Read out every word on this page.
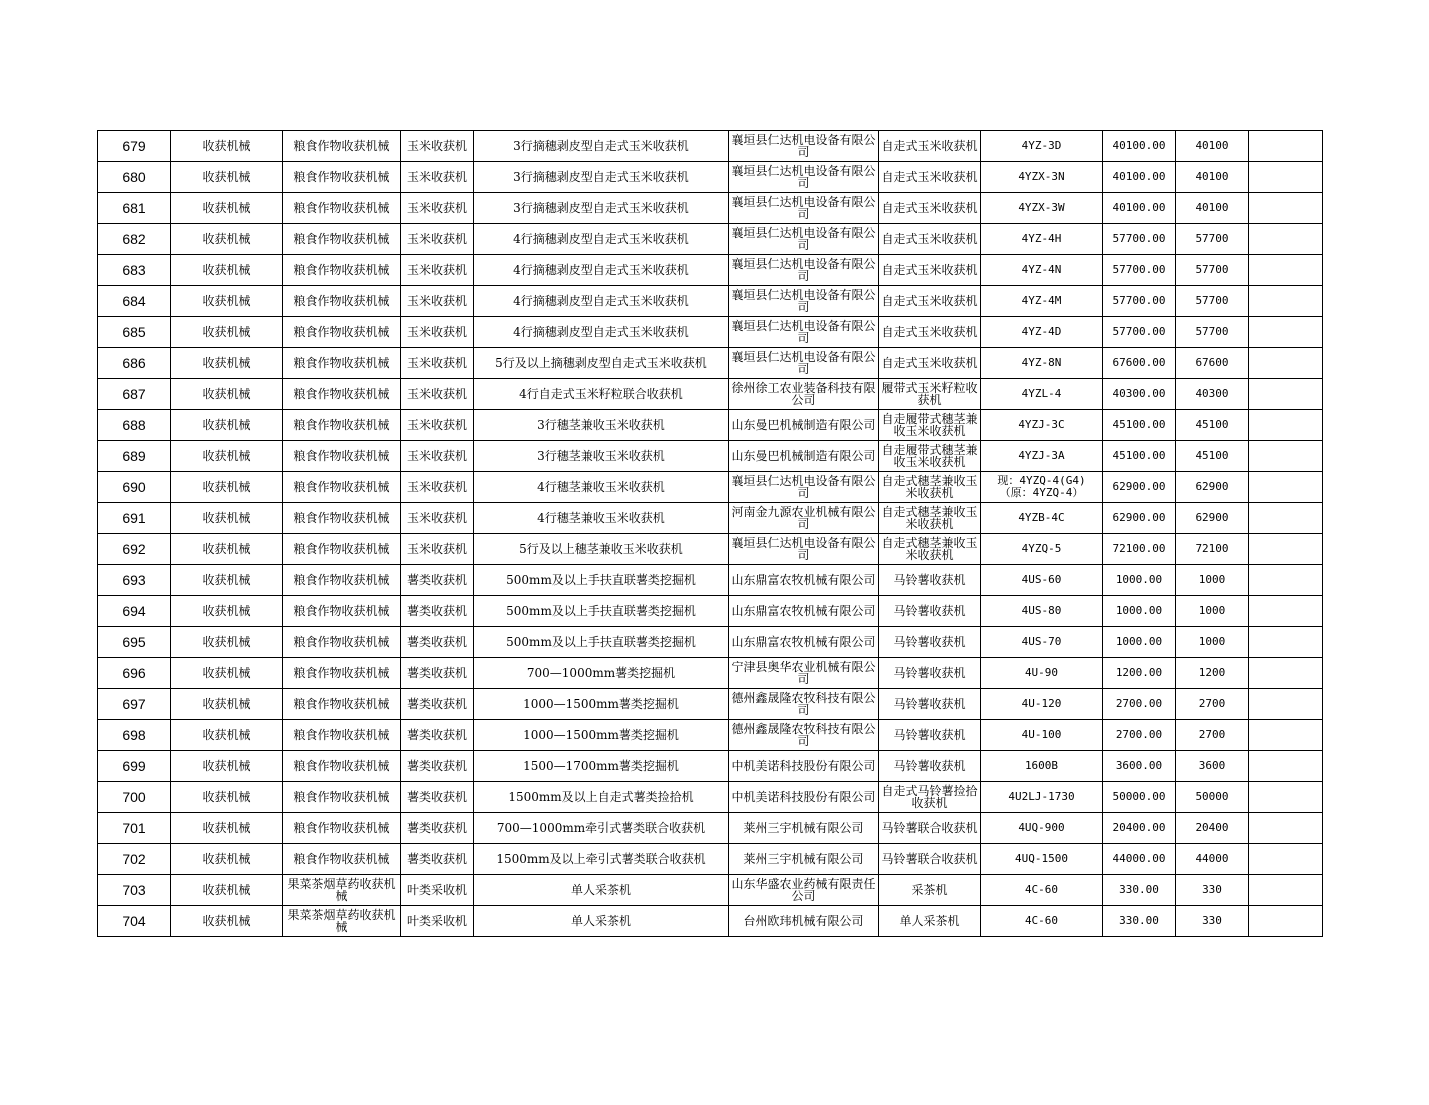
679	收获机械	粮食作物收获机械	玉米收获机	3行摘穗剥皮型自走式玉米收获机	襄垣县仁达机电设备有限公司	自走式玉米收获机	4YZ-3D	40100.00	40100	
680	收获机械	粮食作物收获机械	玉米收获机	3行摘穗剥皮型自走式玉米收获机	襄垣县仁达机电设备有限公司	自走式玉米收获机	4YZX-3N	40100.00	40100	
681	收获机械	粮食作物收获机械	玉米收获机	3行摘穗剥皮型自走式玉米收获机	襄垣县仁达机电设备有限公司	自走式玉米收获机	4YZX-3W	40100.00	40100	
682	收获机械	粮食作物收获机械	玉米收获机	4行摘穗剥皮型自走式玉米收获机	襄垣县仁达机电设备有限公司	自走式玉米收获机	4YZ-4H	57700.00	57700	
683	收获机械	粮食作物收获机械	玉米收获机	4行摘穗剥皮型自走式玉米收获机	襄垣县仁达机电设备有限公司	自走式玉米收获机	4YZ-4N	57700.00	57700	
684	收获机械	粮食作物收获机械	玉米收获机	4行摘穗剥皮型自走式玉米收获机	襄垣县仁达机电设备有限公司	自走式玉米收获机	4YZ-4M	57700.00	57700	
685	收获机械	粮食作物收获机械	玉米收获机	4行摘穗剥皮型自走式玉米收获机	襄垣县仁达机电设备有限公司	自走式玉米收获机	4YZ-4D	57700.00	57700	
686	收获机械	粮食作物收获机械	玉米收获机	5行及以上摘穗剥皮型自走式玉米收获机	襄垣县仁达机电设备有限公司	自走式玉米收获机	4YZ-8N	67600.00	67600	
687	收获机械	粮食作物收获机械	玉米收获机	4行自走式玉米籽粒联合收获机	徐州徐工农业装备科技有限公司	履带式玉米籽粒收获机	4YZL-4	40300.00	40300	
688	收获机械	粮食作物收获机械	玉米收获机	3行穗茎兼收玉米收获机	山东曼巴机械制造有限公司	自走履带式穗茎兼收玉米收获机	4YZJ-3C	45100.00	45100	
689	收获机械	粮食作物收获机械	玉米收获机	3行穗茎兼收玉米收获机	山东曼巴机械制造有限公司	自走履带式穗茎兼收玉米收获机	4YZJ-3A	45100.00	45100	
690	收获机械	粮食作物收获机械	玉米收获机	4行穗茎兼收玉米收获机	襄垣县仁达机电设备有限公司	自走式穗茎兼收玉米收获机	现：4YZQ-4(G4)（原：4YZQ-4）	62900.00	62900	
691	收获机械	粮食作物收获机械	玉米收获机	4行穗茎兼收玉米收获机	河南金九源农业机械有限公司	自走式穗茎兼收玉米收获机	4YZB-4C	62900.00	62900	
692	收获机械	粮食作物收获机械	玉米收获机	5行及以上穗茎兼收玉米收获机	襄垣县仁达机电设备有限公司	自走式穗茎兼收玉米收获机	4YZQ-5	72100.00	72100	
693	收获机械	粮食作物收获机械	薯类收获机	500mm及以上手扶直联薯类挖掘机	山东鼎富农牧机械有限公司	马铃薯收获机	4US-60	1000.00	1000	
694	收获机械	粮食作物收获机械	薯类收获机	500mm及以上手扶直联薯类挖掘机	山东鼎富农牧机械有限公司	马铃薯收获机	4US-80	1000.00	1000	
695	收获机械	粮食作物收获机械	薯类收获机	500mm及以上手扶直联薯类挖掘机	山东鼎富农牧机械有限公司	马铃薯收获机	4US-70	1000.00	1000	
696	收获机械	粮食作物收获机械	薯类收获机	700—1000mm薯类挖掘机	宁津县奥华农业机械有限公司	马铃薯收获机	4U-90	1200.00	1200	
697	收获机械	粮食作物收获机械	薯类收获机	1000—1500mm薯类挖掘机	德州鑫晟隆农牧科技有限公司	马铃薯收获机	4U-120	2700.00	2700	
698	收获机械	粮食作物收获机械	薯类收获机	1000—1500mm薯类挖掘机	德州鑫晟隆农牧科技有限公司	马铃薯收获机	4U-100	2700.00	2700	
699	收获机械	粮食作物收获机械	薯类收获机	1500—1700mm薯类挖掘机	中机美诺科技股份有限公司	马铃薯收获机	1600B	3600.00	3600	
700	收获机械	粮食作物收获机械	薯类收获机	1500mm及以上自走式薯类捡拾机	中机美诺科技股份有限公司	自走式马铃薯捡拾收获机	4U2LJ-1730	50000.00	50000	
701	收获机械	粮食作物收获机械	薯类收获机	700—1000mm牵引式薯类联合收获机	莱州三宇机械有限公司	马铃薯联合收获机	4UQ-900	20400.00	20400	
702	收获机械	粮食作物收获机械	薯类收获机	1500mm及以上牵引式薯类联合收获机	莱州三宇机械有限公司	马铃薯联合收获机	4UQ-1500	44000.00	44000	
703	收获机械	果菜茶烟草药收获机械	叶类采收机	单人采茶机	山东华盛农业药械有限责任公司	采茶机	4C-60	330.00	330	
704	收获机械	果菜茶烟草药收获机械	叶类采收机	单人采茶机	台州欧玮机械有限公司	单人采茶机	4C-60	330.00	330	
